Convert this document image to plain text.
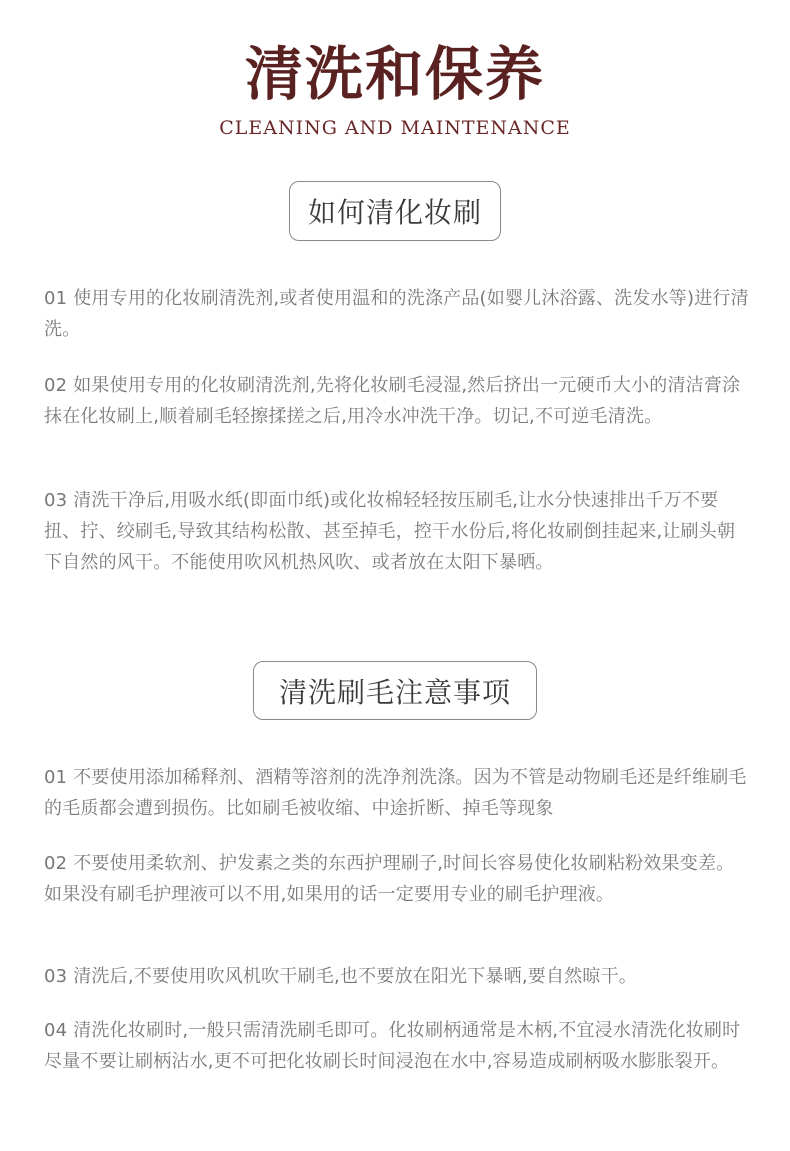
清洗和保养
CLEANING AND MAINTENANCE
如何清化妆刷

01 使用专用的化妆刷清洗剂,或者使用温和的洗涤产品(如婴儿沐浴露、洗发水等)进行清洗。

02 如果使用专用的化妆刷清洗剂,先将化妆刷毛浸湿,然后挤出一元硬币大小的清洁膏涂抹在化妆刷上,顺着刷毛轻擦揉搓之后,用冷水冲洗干净。切记,不可逆毛清洗。

03 清洗干净后,用吸水纸(即面巾纸)或化妆棉轻轻按压刷毛,让水分快速排出千万不要扭、拧、绞刷毛,导致其结构松散、甚至掉毛，控干水份后,将化妆刷倒挂起来,让刷头朝下自然的风干。不能使用吹风机热风吹、或者放在太阳下暴晒。

清洗刷毛注意事项

01 不要使用添加稀释剂、酒精等溶剂的洗净剂洗涤。因为不管是动物刷毛还是纤维刷毛的毛质都会遭到损伤。比如刷毛被收缩、中途折断、掉毛等现象

02 不要使用柔软剂、护发素之类的东西护理刷子,时间长容易使化妆刷粘粉效果变差。如果没有刷毛护理液可以不用,如果用的话一定要用专业的刷毛护理液。

03 清洗后,不要使用吹风机吹干刷毛,也不要放在阳光下暴晒,要自然晾干。

04 清洗化妆刷时,一般只需清洗刷毛即可。化妆刷柄通常是木柄,不宜浸水清洗化妆刷时尽量不要让刷柄沾水,更不可把化妆刷长时间浸泡在水中,容易造成刷柄吸水膨胀裂开。
